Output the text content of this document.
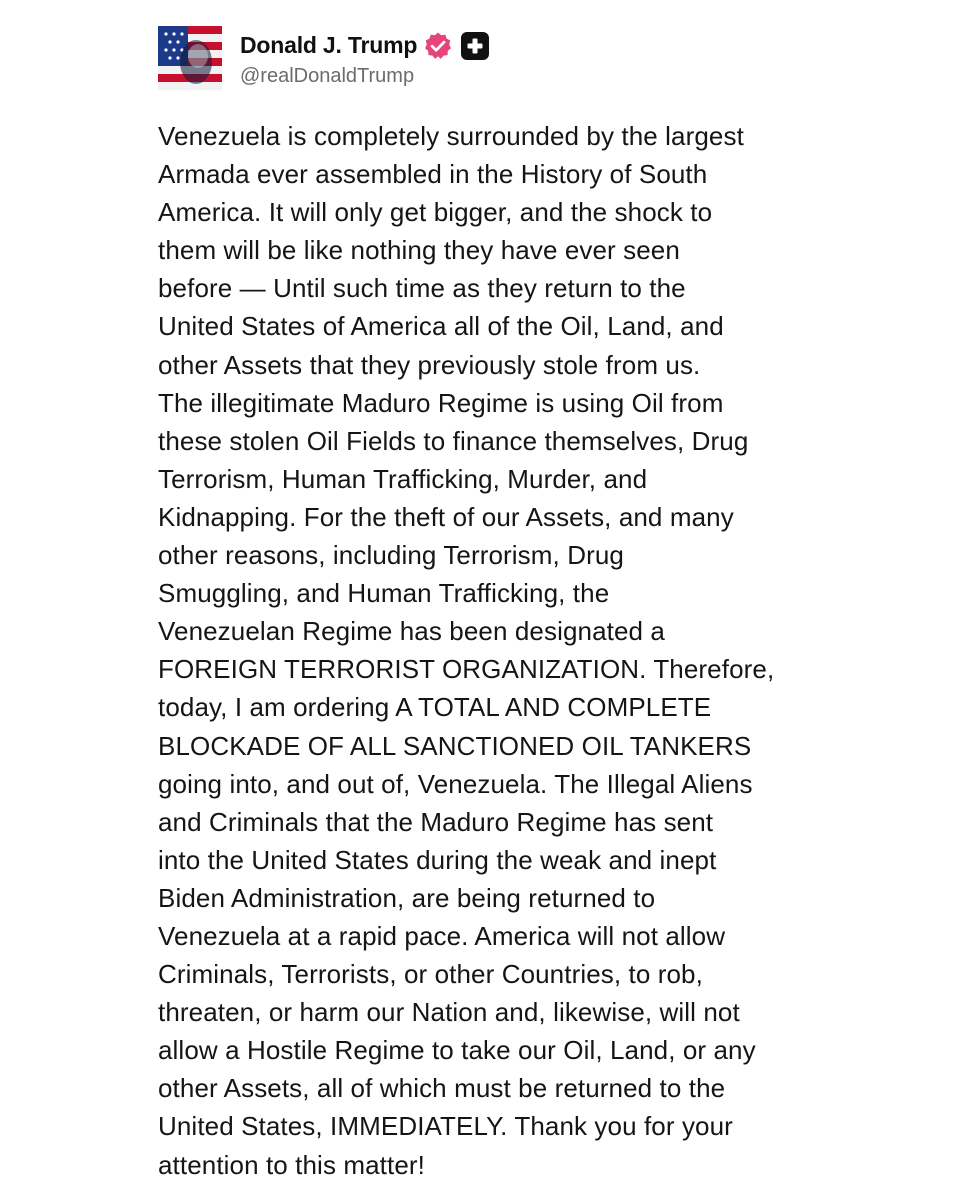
Donald J. Trump
@realDonaldTrump
Venezuela is completely surrounded by the largest
Armada ever assembled in the History of South
America. It will only get bigger, and the shock to
them will be like nothing they have ever seen
before — Until such time as they return to the
United States of America all of the Oil, Land, and
other Assets that they previously stole from us.
The illegitimate Maduro Regime is using Oil from
these stolen Oil Fields to finance themselves, Drug
Terrorism, Human Trafficking, Murder, and
Kidnapping. For the theft of our Assets, and many
other reasons, including Terrorism, Drug
Smuggling, and Human Trafficking, the
Venezuelan Regime has been designated a
FOREIGN TERRORIST ORGANIZATION. Therefore,
today, I am ordering A TOTAL AND COMPLETE
BLOCKADE OF ALL SANCTIONED OIL TANKERS
going into, and out of, Venezuela. The Illegal Aliens
and Criminals that the Maduro Regime has sent
into the United States during the weak and inept
Biden Administration, are being returned to
Venezuela at a rapid pace. America will not allow
Criminals, Terrorists, or other Countries, to rob,
threaten, or harm our Nation and, likewise, will not
allow a Hostile Regime to take our Oil, Land, or any
other Assets, all of which must be returned to the
United States, IMMEDIATELY. Thank you for your
attention to this matter!
